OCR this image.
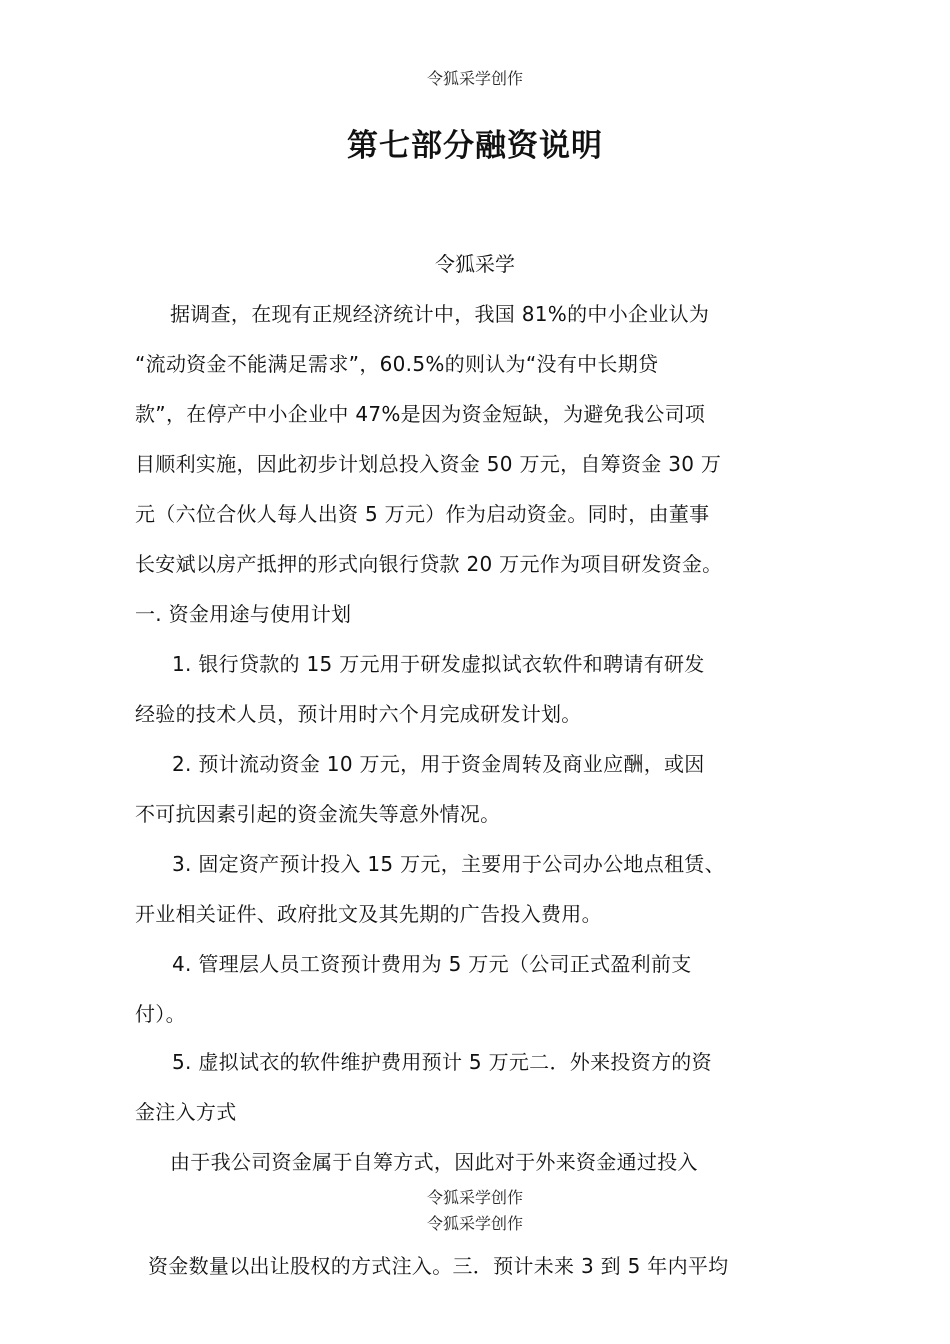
令狐采学创作
第七部分融资说明
令狐采学
据调查，在现有正规经济统计中，我国 81%的中小企业认为
“流动资金不能满足需求”，60.5%的则认为“没有中长期贷
款”，在停产中小企业中 47%是因为资金短缺，为避免我公司项
目顺利实施，因此初步计划总投入资金 50 万元，自筹资金 30 万
元（六位合伙人每人出资 5 万元）作为启动资金。同时，由董事
长安斌以房产抵押的形式向银行贷款 20 万元作为项目研发资金。
一. 资金用途与使用计划
1. 银行贷款的 15 万元用于研发虚拟试衣软件和聘请有研发
经验的技术人员，预计用时六个月完成研发计划。
2. 预计流动资金 10 万元，用于资金周转及商业应酬，或因
不可抗因素引起的资金流失等意外情况。
3. 固定资产预计投入 15 万元，主要用于公司办公地点租赁、
开业相关证件、政府批文及其先期的广告投入费用。
4. 管理层人员工资预计费用为 5 万元（公司正式盈利前支
付）。
5. 虚拟试衣的软件维护费用预计 5 万元二．外来投资方的资
金注入方式
由于我公司资金属于自筹方式，因此对于外来资金通过投入
令狐采学创作
令狐采学创作
资金数量以出让股权的方式注入。三．预计未来 3 到 5 年内平均
